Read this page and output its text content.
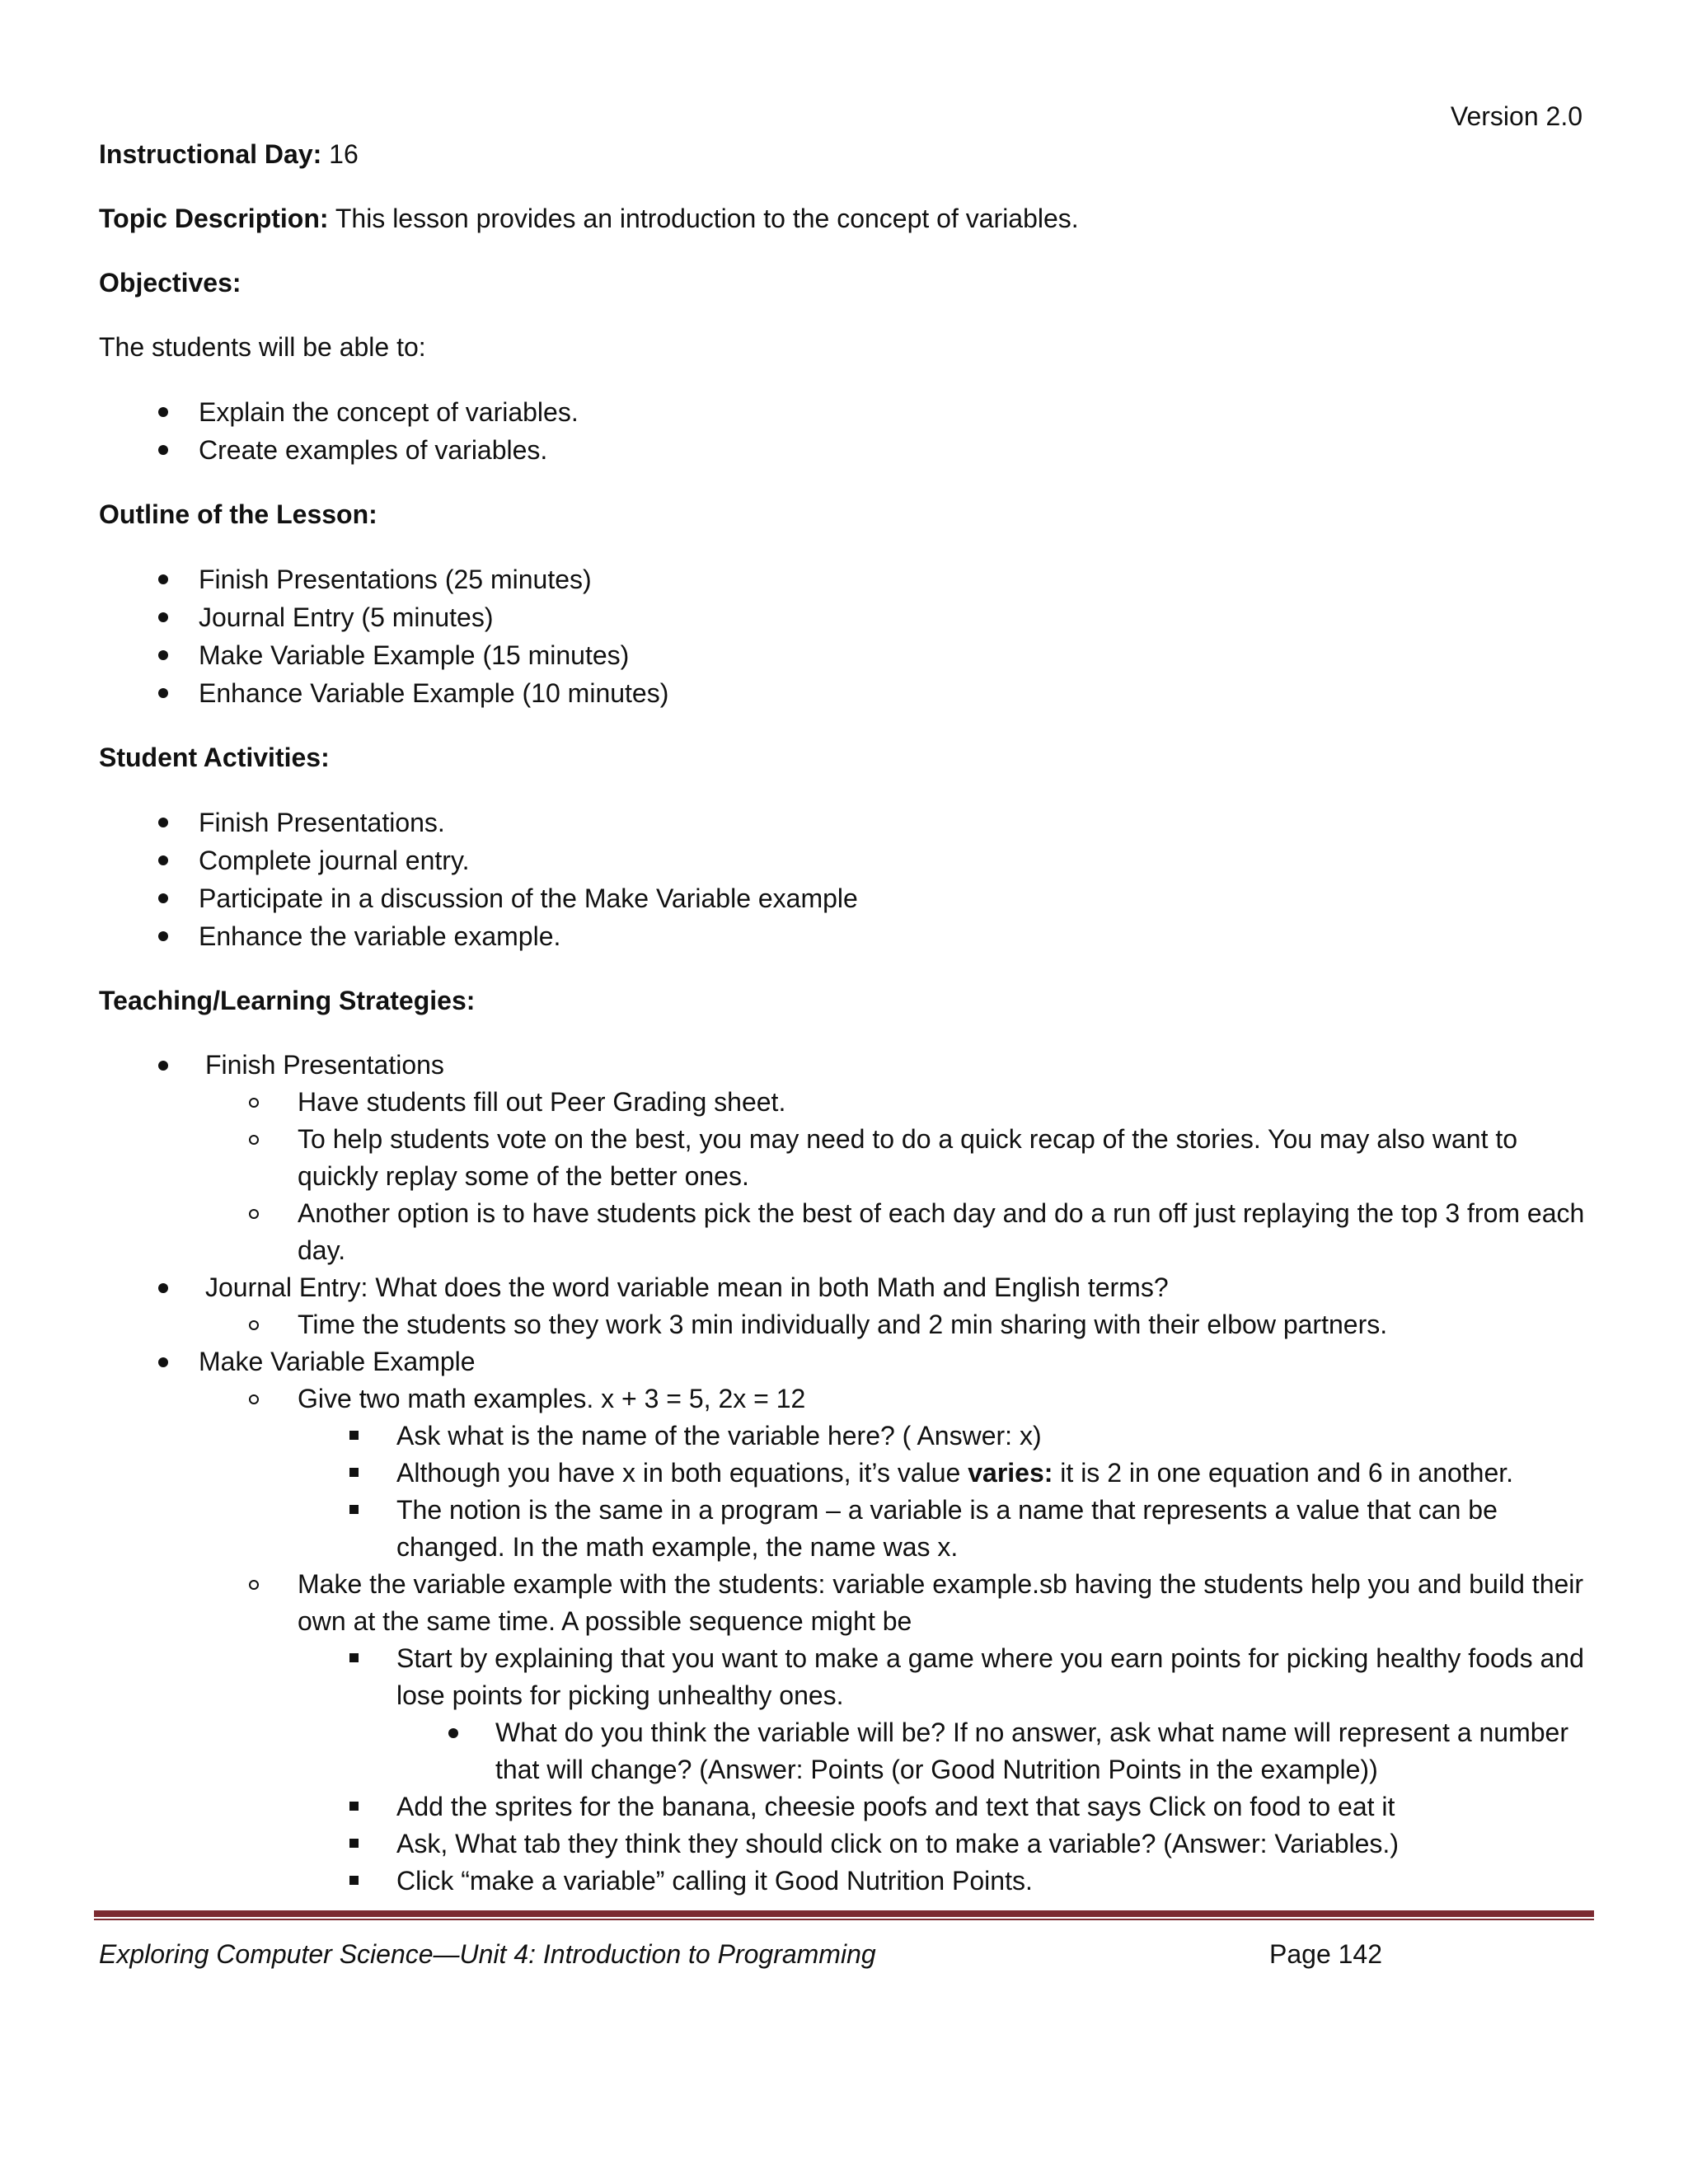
Version 2.0

Instructional Day: 16

Topic Description: This lesson provides an introduction to the concept of variables.

Objectives:

The students will be able to:

Explain the concept of variables.
Create examples of variables.

Outline of the Lesson:

Finish Presentations (25 minutes)
Journal Entry (5 minutes)
Make Variable Example (15 minutes)
Enhance Variable Example (10 minutes)

Student Activities:

Finish Presentations.
Complete journal entry.
Participate in a discussion of the Make Variable example
Enhance the variable example.

Teaching/Learning Strategies:

Finish Presentations
Have students fill out Peer Grading sheet.
To help students vote on the best, you may need to do a quick recap of the stories. You may also want to quickly replay some of the better ones.
Another option is to have students pick the best of each day and do a run off just replaying the top 3 from each day.
Journal Entry: What does the word variable mean in both Math and English terms?
Time the students so they work 3 min individually and 2 min sharing with their elbow partners.
Make Variable Example
Give two math examples. x + 3 = 5, 2x = 12
Ask what is the name of the variable here? ( Answer: x)
Although you have x in both equations, it’s value varies: it is 2 in one equation and 6 in another.
The notion is the same in a program – a variable is a name that represents a value that can be changed. In the math example, the name was x.
Make the variable example with the students: variable example.sb having the students help you and build their own at the same time. A possible sequence might be
Start by explaining that you want to make a game where you earn points for picking healthy foods and lose points for picking unhealthy ones.
What do you think the variable will be? If no answer, ask what name will represent a number that will change? (Answer: Points (or Good Nutrition Points in the example))
Add the sprites for the banana, cheesie poofs and text that says Click on food to eat it
Ask, What tab they think they should click on to make a variable? (Answer: Variables.)
Click “make a variable” calling it Good Nutrition Points.
Exploring Computer Science—Unit 4: Introduction to Programming	Page 142
